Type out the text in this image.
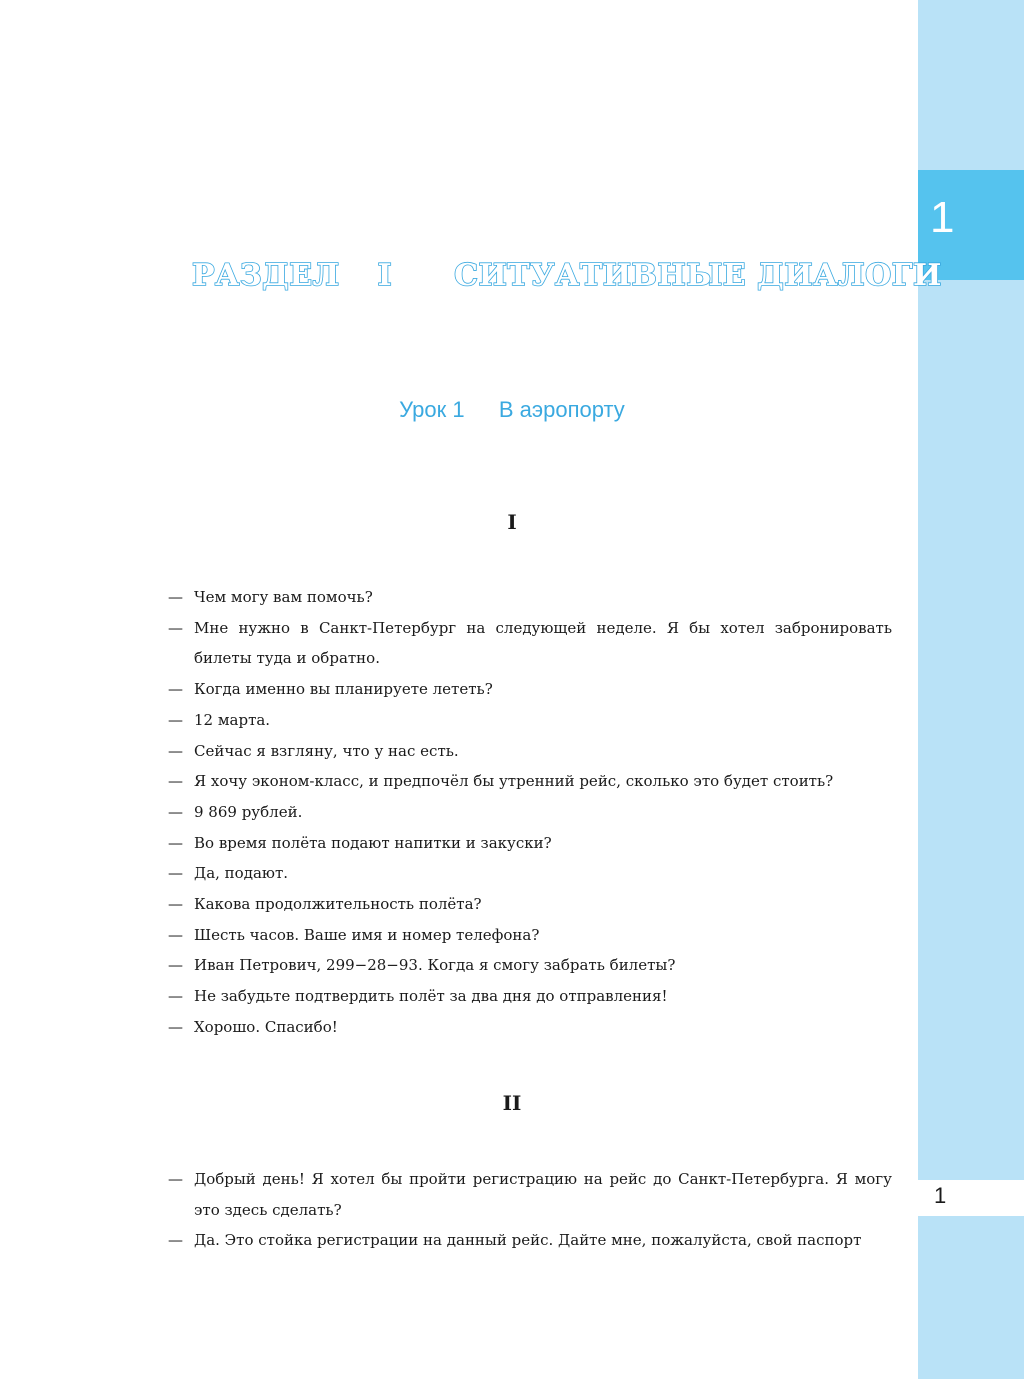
1
1
РАЗДЕЛ I СИТУАТИВНЫЕ ДИАЛОГИ
Урок 1 В аэропорту
I
— Чем могу вам помочь?
— Мне нужно в Санкт-Петербург на следующей неделе. Я бы хотел забронировать билеты туда и обратно.
— Когда именно вы планируете лететь?
— 12 марта.
— Сейчас я взгляну, что у нас есть.
— Я хочу эконом-класс, и предпочёл бы утренний рейс, сколько это будет стоить?
— 9 869 рублей.
— Во время полёта подают напитки и закуски?
— Да, подают.
— Какова продолжительность полёта?
— Шесть часов. Ваше имя и номер телефона?
— Иван Петрович, 299−28−93. Когда я смогу забрать билеты?
— Не забудьте подтвердить полёт за два дня до отправления!
— Хорошо. Спасибо!
II
— Добрый день! Я хотел бы пройти регистрацию на рейс до Санкт-Петербурга. Я могу это здесь сделать?
— Да. Это стойка регистрации на данный рейс. Дайте мне, пожалуйста, свой паспорт
